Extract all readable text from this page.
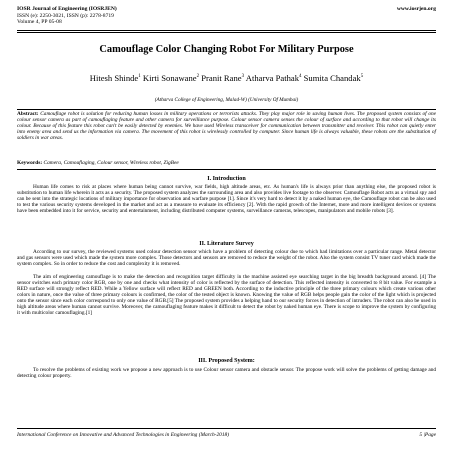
IOSR Journal of Engineering (IOSRJEN)
ISSN (e): 2250-3021, ISSN (p): 2278-8719
Volume 4, PP 05-08
www.iosrjen.org
Camouflage Color Changing Robot For Military Purpose
Hitesh Shinde$^1$ Kirti Sonawane$^2$ Pranit Rane$^3$ Atharva Pathak$^4$ Sumita Chandak$^5$
(Atharva College of Engineering, Malad-W) (University Of Mumbai)
Abstract: Camouflage robot is solution for reducing human losses in military operations or terrorists attacks. They play major role in saving human lives. The proposed system consists of one colour sensor camera as part of camouflaging feature and other camera for surveillance purpose. Colour sensor camera senses the colour of surface and according to that robot will change its colour. Because of this feature this robot can't be easily detected by enemies. We have used Wireless transceiver for communication between transmitter and receiver. This robot can quietly enter into enemy area and send us the information via camera. The movement of this robot is wirelessly controlled by computer. Since human life is always valuable, these robots are the substitution of soldiers in war areas.
Keywords: Camera, Camouflaging, Colour sensor, Wireless robot, ZigBee
I. Introduction
Human life comes to risk at places where human being cannot survive, war fields, high altitude areas, etc. As human's life is always prior than anything else, the proposed robot is substitution to human life wherein it acts as a security. The proposed system analyzes the surrounding area and also provides live footage to the observer. Camouflage Robot acts as a virtual spy and can be sent into the strategic locations of military importance for observation and warfare purpose [1]. Since it's very hard to detect it by a naked human eye, the Camouflage robot can be also used to test the various security systems developed in the market and act as a measure to evaluate its efficiency [2]. With the rapid growth of the Internet, more and more intelligent devices or systems have been embedded into it for service, security and entertainment, including distributed computer systems, surveillance cameras, telescopes, manipulators and mobile robots [3].
II. Literature Survey
According to our survey, the reviewed systems used colour detection sensor which have a problem of detecting colour due to which had limitations over a particular range. Metal detector and gas sensors were used which made the system more complex. Those detectors and sensors are removed to reduce the weight of the robot. Also the system consist TV tuner card which made the system complex. So in order to reduce the cost and complexity it is removed.
The aim of engineering camouflage is to make the detection and recognition target difficulty in the machine assisted eye searching target in the big breadth background around. [4] The sensor switches each primary color RGB, one by one and checks what intensity of color is reflected by the surface of detection. This reflected intensity is converted to 8 bit value. For example a RED surface will strongly reflect RED. While a Yellow surface will reflect RED and GREEN both. According to the inductive principle of the three primary colours which create various other colors in nature, once the value of three primary colours is confirmed, the color of the tested object is known. Knowing the value of RGB helps people gain the color of the light which is projected onto the sensor since each color correspond to only one value of RGB.[5] The proposed system provides a helping hand to our security forces in detection of intruders. The robot can also be used in high altitude areas where human cannot survive. Moreover, the camouflaging feature makes it difficult to detect the robot by naked human eye. There is scope to improve the system by configuring it with multicolor camouflaging.[1]
III. Proposed System:
To resolve the problems of existing work we propose a new approach is to use Colour sensor camera and obstacle sensor. The propose work will solve the problems of getting damage and detecting colour property.
International Conference on Innovative and Advanced Technologies in Engineering (March-2018)	5 |Page
